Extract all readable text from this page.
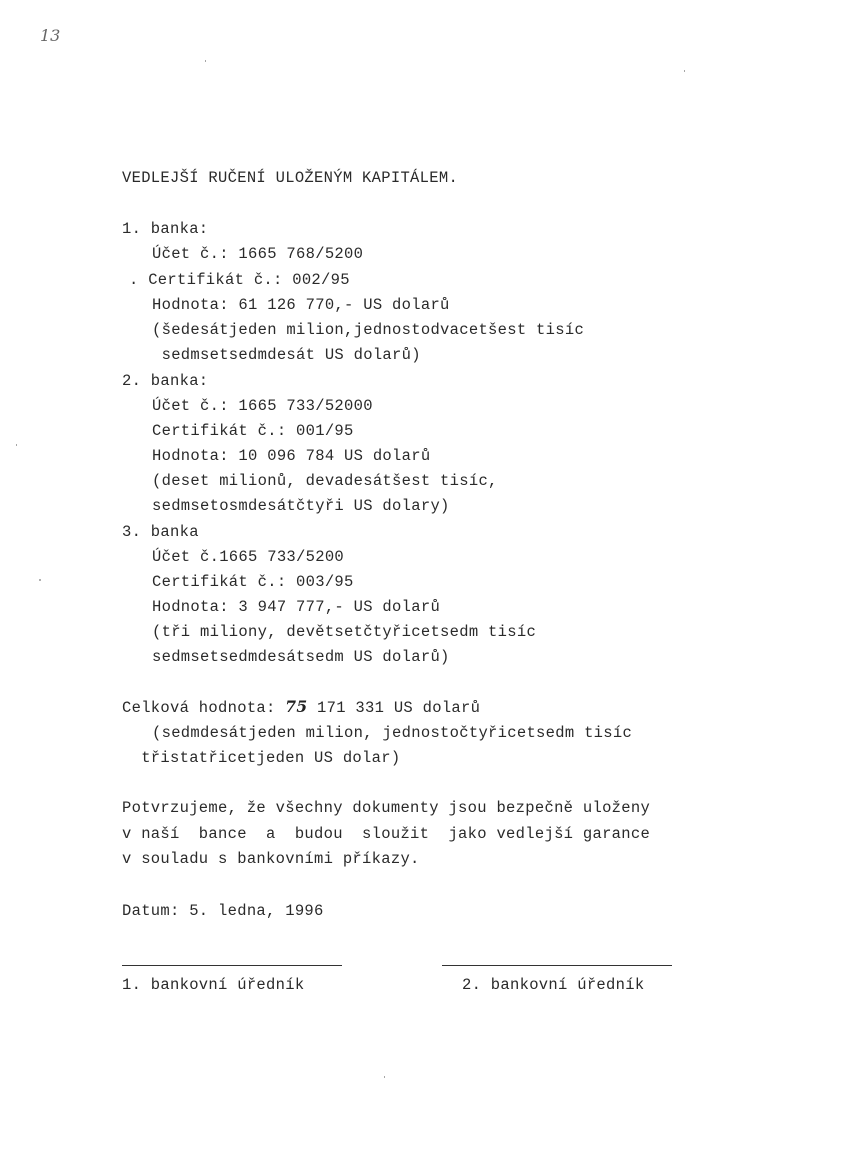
13
VEDLEJŠÍ RUČENÍ ULOŽENÝM KAPITÁLEM.
1. banka:
Účet č.: 1665 768/5200
. Certifikát č.: 002/95
Hodnota: 61 126 770,- US dolarů
(šedesátjeden milion,jednostodvacetšest tisíc
sedmsetsedmdesát US dolarů)
2. banka:
Účet č.: 1665 733/52000
Certifikát č.: 001/95
Hodnota: 10 096 784 US dolarů
(deset milionů, devadesátšest tisíc,
sedmsetosmdesátčtyři US dolary)
3. banka
Účet č.1665 733/5200
Certifikát č.: 003/95
Hodnota: 3 947 777,- US dolarů
(tři miliony, devětsetčtyřicetsedm tisíc
sedmsetsedmdesátsedm US dolarů)
Celková hodnota: 75 171 331 US dolarů
(sedmdesátjeden milion, jednostočtyřicetsedm tisíc
třistatřicetjeden US dolar)
Potvrzujeme, že všechny dokumenty jsou bezpečně uloženy
v naší  bance  a  budou  sloužit  jako vedlejší garance
v souladu s bankovními příkazy.
Datum: 5. ledna, 1996
1. bankovní úředník	2. bankovní úředník
